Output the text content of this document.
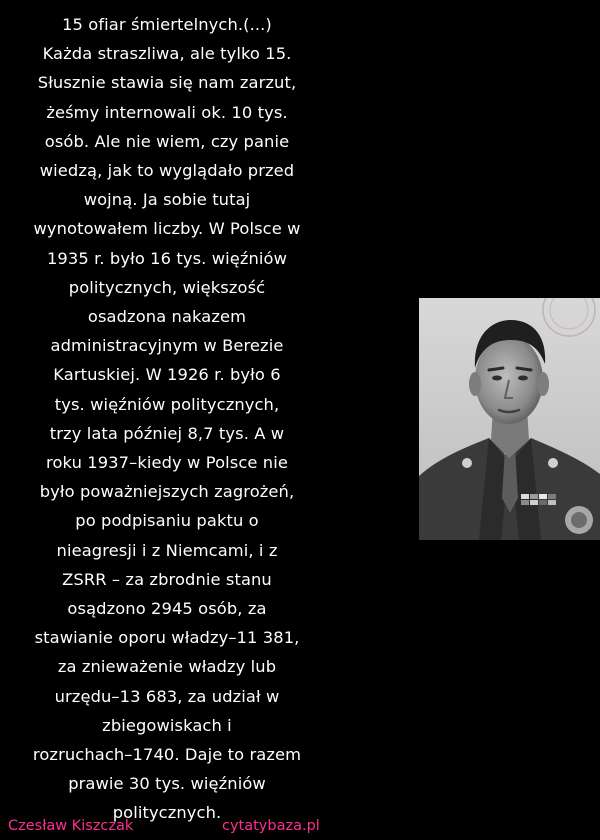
15 ofiar śmiertelnych.(...)
Każda straszliwa, ale tylko 15.
Słusznie stawia się nam zarzut,
żeśmy internowali ok. 10 tys.
osób. Ale nie wiem, czy panie
wiedzą, jak to wyglądało przed
wojną. Ja sobie tutaj
wynotowałem liczby. W Polsce w
1935 r. było 16 tys. więźniów
politycznych, większość
osadzona nakazem
administracyjnym w Berezie
Kartuskiej. W 1926 r. było 6
tys. więźniów politycznych,
trzy lata później 8,7 tys. A w
roku 1937–kiedy w Polsce nie
było poważniejszych zagrożeń,
po podpisaniu paktu o
nieagresji i z Niemcami, i z
ZSRR – za zbrodnie stanu
osądzono 2945 osób, za
stawianie oporu władzy–11 381,
za znieważenie władzy lub
urzędu–13 683, za udział w
zbiegowiskach i
rozruchach–1740. Daje to razem
prawie 30 tys. więźniów
politycznych.
Czesław Kiszczak	cytatybaza.pl
